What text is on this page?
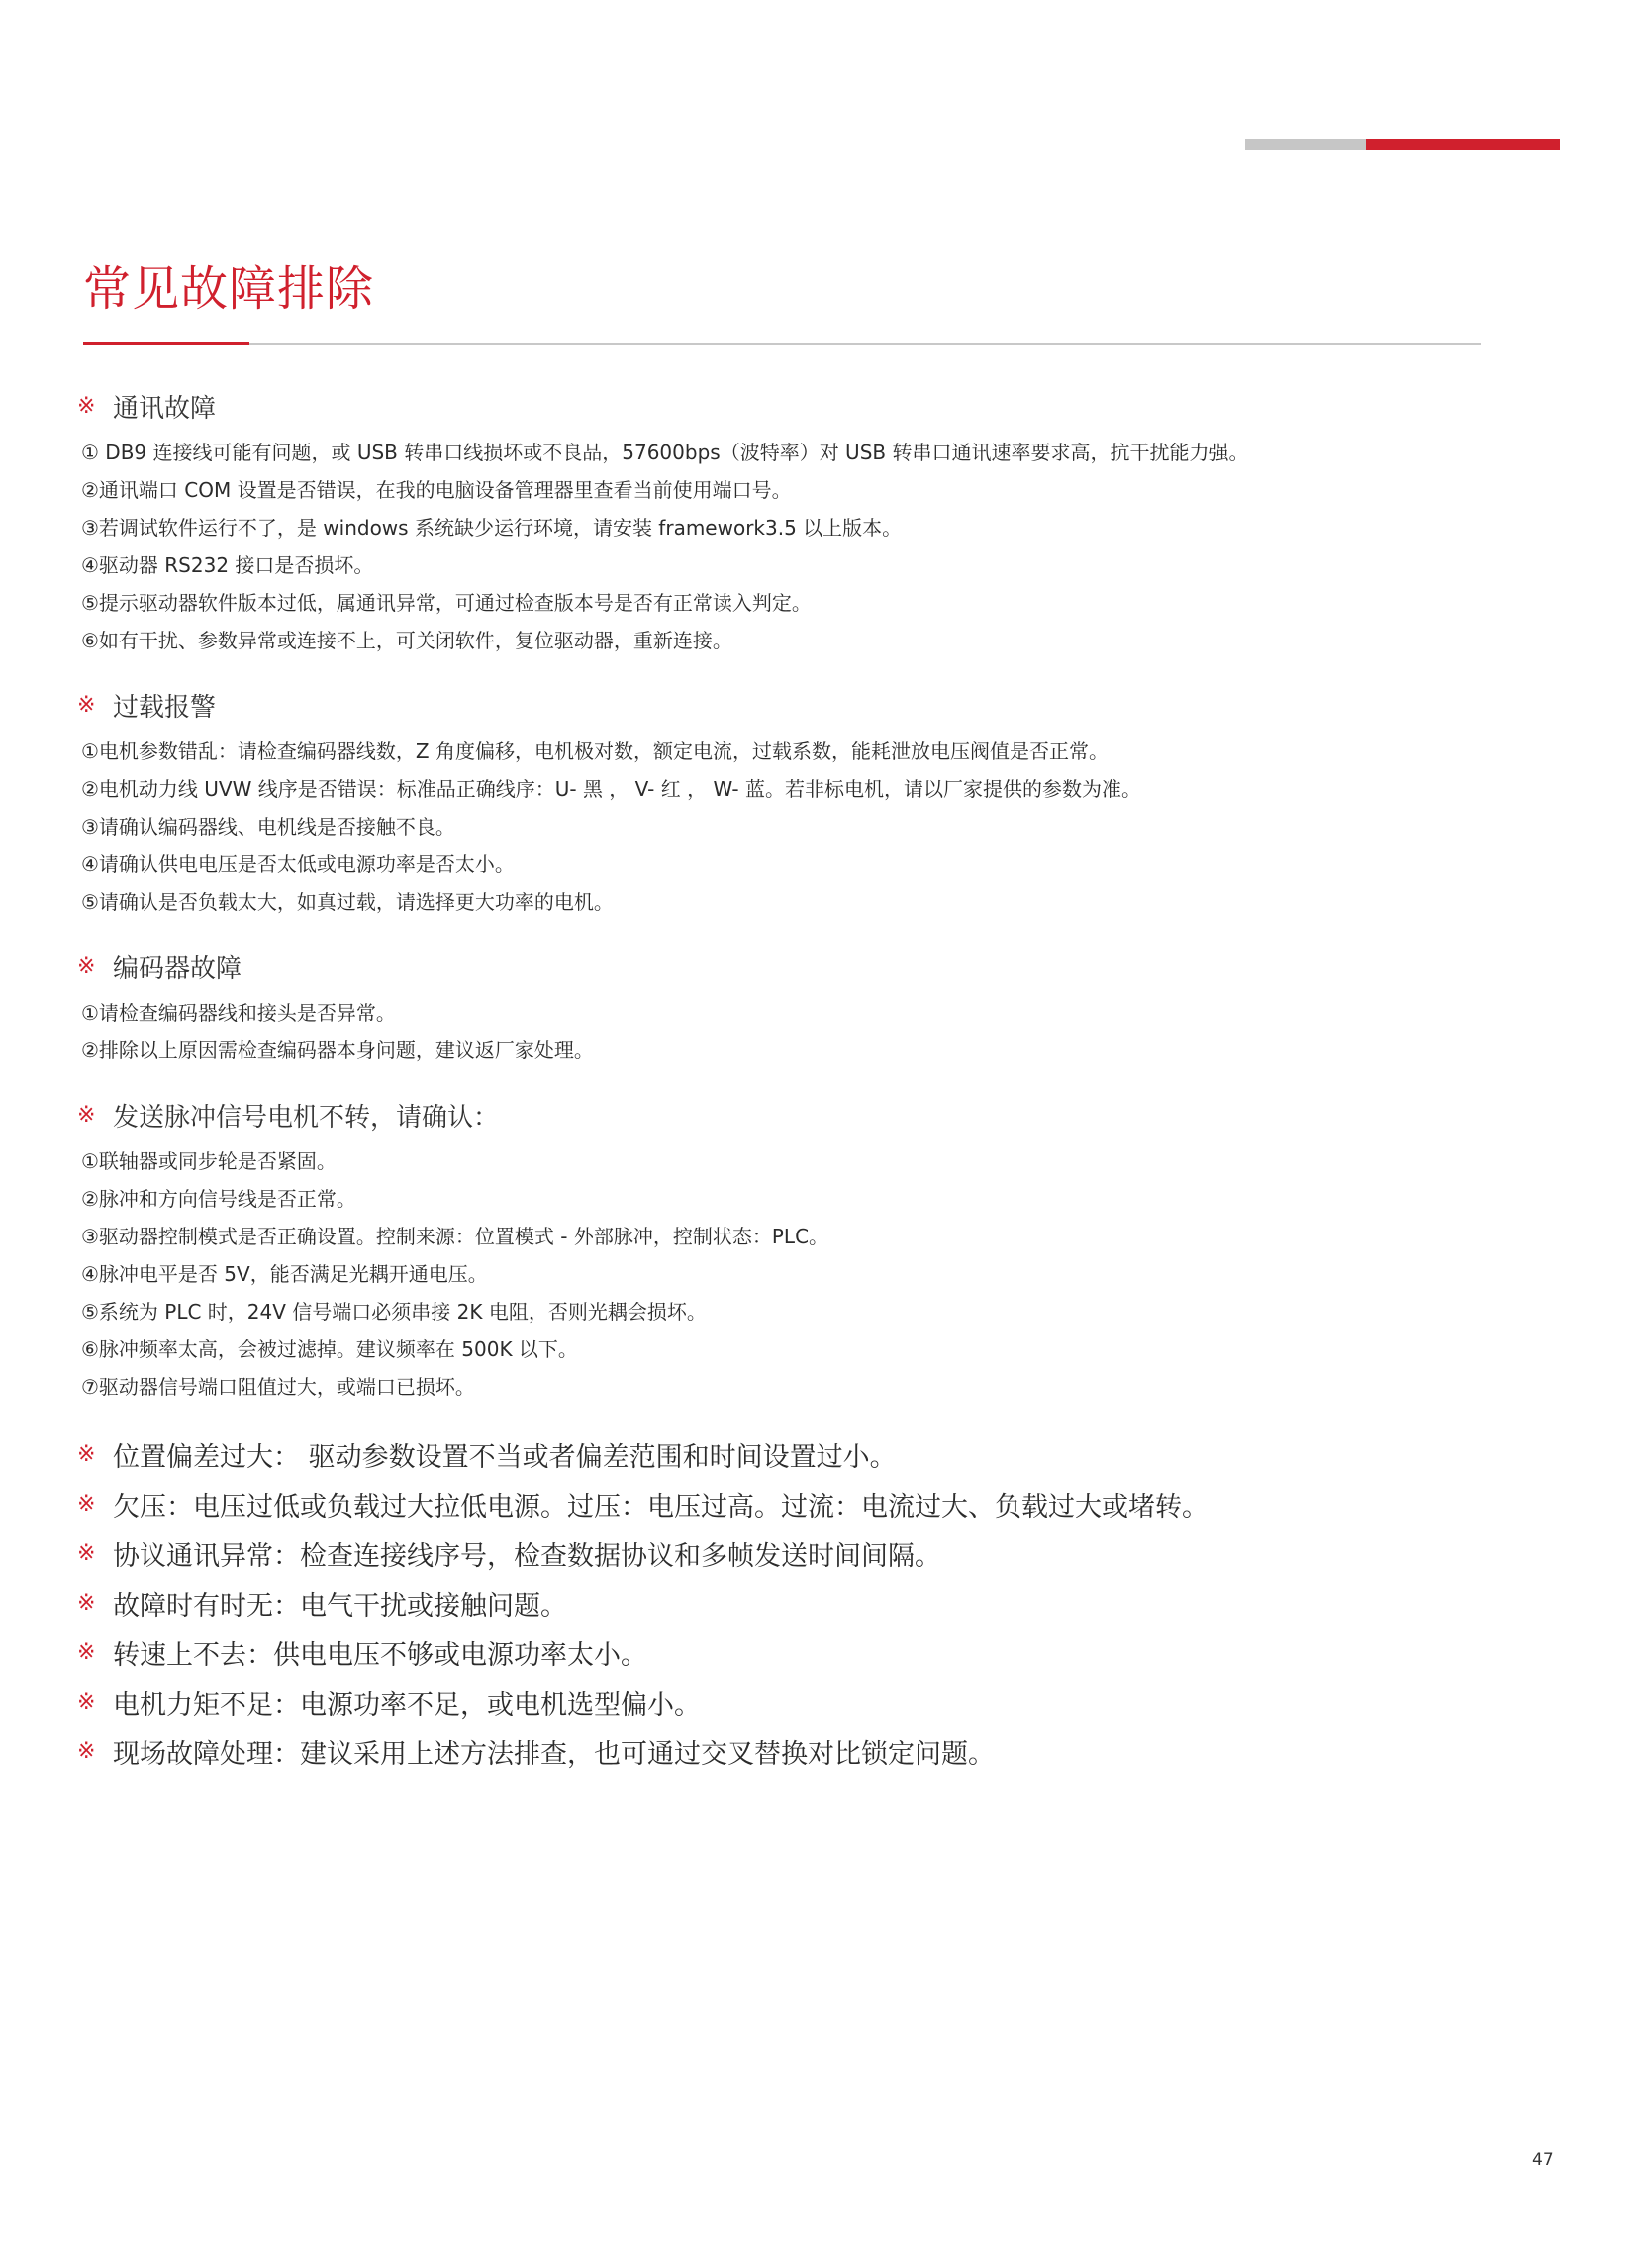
常见故障排除
※ 通讯故障
① DB9 连接线可能有问题，或 USB 转串口线损坏或不良品，57600bps（波特率）对 USB 转串口通讯速率要求高，抗干扰能力强。
②通讯端口 COM 设置是否错误，在我的电脑设备管理器里查看当前使用端口号。
③若调试软件运行不了，是 windows 系统缺少运行环境，请安装 framework3.5 以上版本。
④驱动器 RS232 接口是否损坏。
⑤提示驱动器软件版本过低，属通讯异常，可通过检查版本号是否有正常读入判定。
⑥如有干扰、参数异常或连接不上，可关闭软件，复位驱动器，重新连接。
※ 过载报警
①电机参数错乱：请检查编码器线数，Z 角度偏移，电机极对数，额定电流，过载系数，能耗泄放电压阀值是否正常。
②电机动力线 UVW 线序是否错误：标准品正确线序：U- 黑 ， V- 红 ， W- 蓝。若非标电机，请以厂家提供的参数为准。
③请确认编码器线、电机线是否接触不良。
④请确认供电电压是否太低或电源功率是否太小。
⑤请确认是否负载太大，如真过载，请选择更大功率的电机。
※ 编码器故障
①请检查编码器线和接头是否异常。
②排除以上原因需检查编码器本身问题，建议返厂家处理。
※ 发送脉冲信号电机不转，请确认：
①联轴器或同步轮是否紧固。
②脉冲和方向信号线是否正常。
③驱动器控制模式是否正确设置。控制来源：位置模式 - 外部脉冲，控制状态：PLC。
④脉冲电平是否 5V，能否满足光耦开通电压。
⑤系统为 PLC 时，24V 信号端口必须串接 2K 电阻，否则光耦会损坏。
⑥脉冲频率太高，会被过滤掉。建议频率在 500K 以下。
⑦驱动器信号端口阻值过大，或端口已损坏。
※ 位置偏差过大： 驱动参数设置不当或者偏差范围和时间设置过小。
※ 欠压：电压过低或负载过大拉低电源。过压：电压过高。过流：电流过大、负载过大或堵转。
※ 协议通讯异常：检查连接线序号，检查数据协议和多帧发送时间间隔。
※ 故障时有时无：电气干扰或接触问题。
※ 转速上不去：供电电压不够或电源功率太小。
※ 电机力矩不足：电源功率不足，或电机选型偏小。
※ 现场故障处理：建议采用上述方法排查，也可通过交叉替换对比锁定问题。
47
